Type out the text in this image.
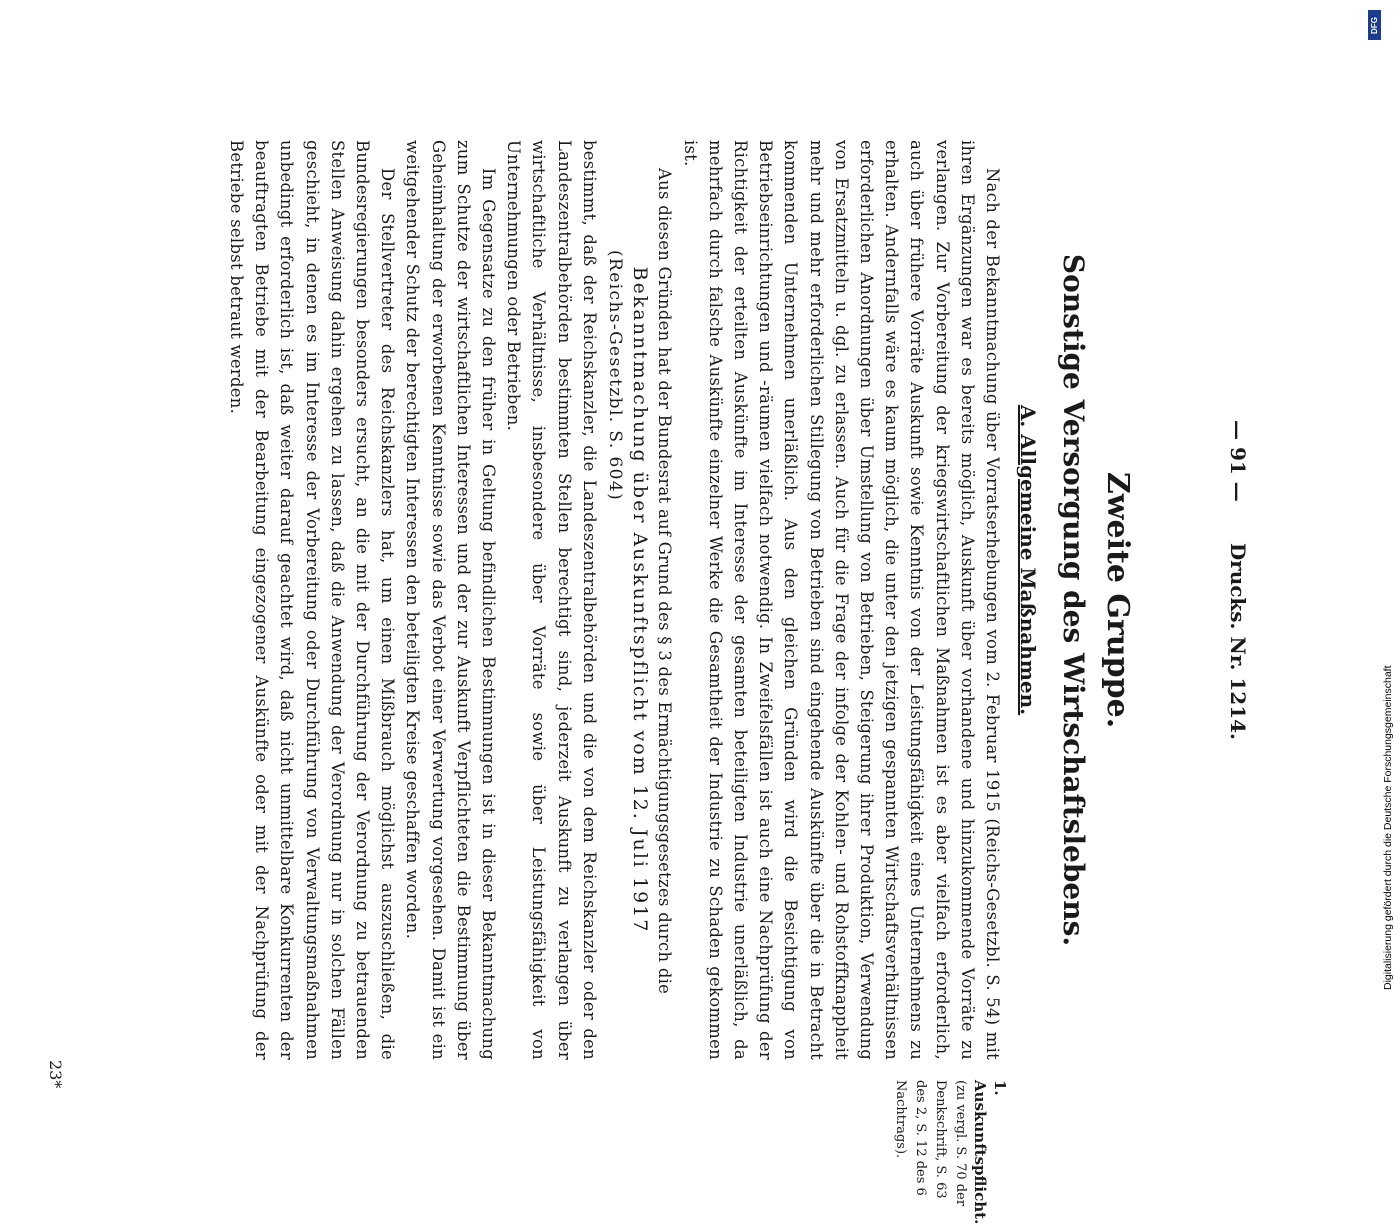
— 91 —
Drucks. Nr. 1214.
Zweite Gruppe.
Sonstige Versorgung des Wirtschaftslebens.
A. Allgemeine Maßnahmen.

Nach der Bekanntmachung über Vorratserhebungen vom 2. Februar 1915 (Reichs-Gesetzbl. S. 54) mit ihren Ergänzungen war es bereits möglich, Auskunft über vorhandene und hinzukommende Vorräte zu verlangen. Zur Vorbereitung der kriegswirtschaftlichen Maßnahmen ist es aber vielfach erforderlich, auch über frühere Vorräte Auskunft sowie Kenntnis von der Leistungsfähigkeit eines Unternehmens zu erhalten. Andernfalls wäre es kaum möglich, die unter den jetzigen gespannten Wirtschaftsverhältnissen erforderlichen Anordnungen über Umstellung von Betrieben, Steigerung ihrer Produktion, Verwendung von Ersatzmitteln u. dgl. zu erlassen. Auch für die Frage der infolge der Kohlen- und Rohstoffknappheit mehr und mehr erforderlichen Stillegung von Betrieben sind eingehende Auskünfte über die in Betracht kommenden Unternehmen unerläßlich. Aus den gleichen Gründen wird die Besichtigung von Betriebseinrichtungen und -räumen vielfach notwendig. In Zweifelsfällen ist auch eine Nachprüfung der Richtigkeit der erteilten Auskünfte im Interesse der gesamten beteiligten Industrie unerläßlich, da mehrfach durch falsche Auskünfte einzelner Werke die Gesamtheit der Industrie zu Schaden gekommen ist.

Aus diesen Gründen hat der Bundesrat auf Grund des § 3 des Ermächtigungsgesetzes durch die

Bekanntmachung über Auskunftspflicht vom 12. Juli 1917

(Reichs-Gesetzbl. S. 604)

bestimmt, daß der Reichskanzler, die Landeszentralbehörden und die von dem Reichskanzler oder den Landeszentralbehörden bestimmten Stellen berechtigt sind, jederzeit Auskunft zu verlangen über wirtschaftliche Verhältnisse, insbesondere über Vorräte sowie über Leistungsfähigkeit von Unternehmungen oder Betrieben.

Im Gegensatze zu den früher in Geltung befindlichen Bestimmungen ist in dieser Bekanntmachung zum Schutze der wirtschaftlichen Interessen und der zur Auskunft Verpflichteten die Bestimmung über Geheimhaltung der erworbenen Kenntnisse sowie das Verbot einer Verwertung vorgesehen. Damit ist ein weitgehender Schutz der berechtigten Interessen den beteiligten Kreise geschaffen worden.

Der Stellvertreter des Reichskanzlers hat, um einen Mißbrauch möglichst auszuschließen, die Bundesregierungen besonders ersucht, an die mit der Durchführung der Verordnung zu betrauenden Stellen Anweisung dahin ergehen zu lassen, daß die Anwendung der Verordnung nur in solchen Fällen geschieht, in denen es im Interesse der Vorbereitung oder Durchführung von Verwaltungsmaßnahmen unbedingt erforderlich ist, daß weiter darauf geachtet wird, daß nicht unmittelbare Konkurrenten der beauftragten Betriebe mit der Bearbeitung eingezogener Auskünfte oder mit der Nachprüfung der Betriebe selbst betraut werden.

1. Auskunftspflicht.
(zu vergl. S. 70 der Denkschrift, S. 63 des 2, S. 12 des 6 Nachtrags).
23*
DFG
Digitalisierung gefördert durch die Deutsche Forschungsgemeinschaft
